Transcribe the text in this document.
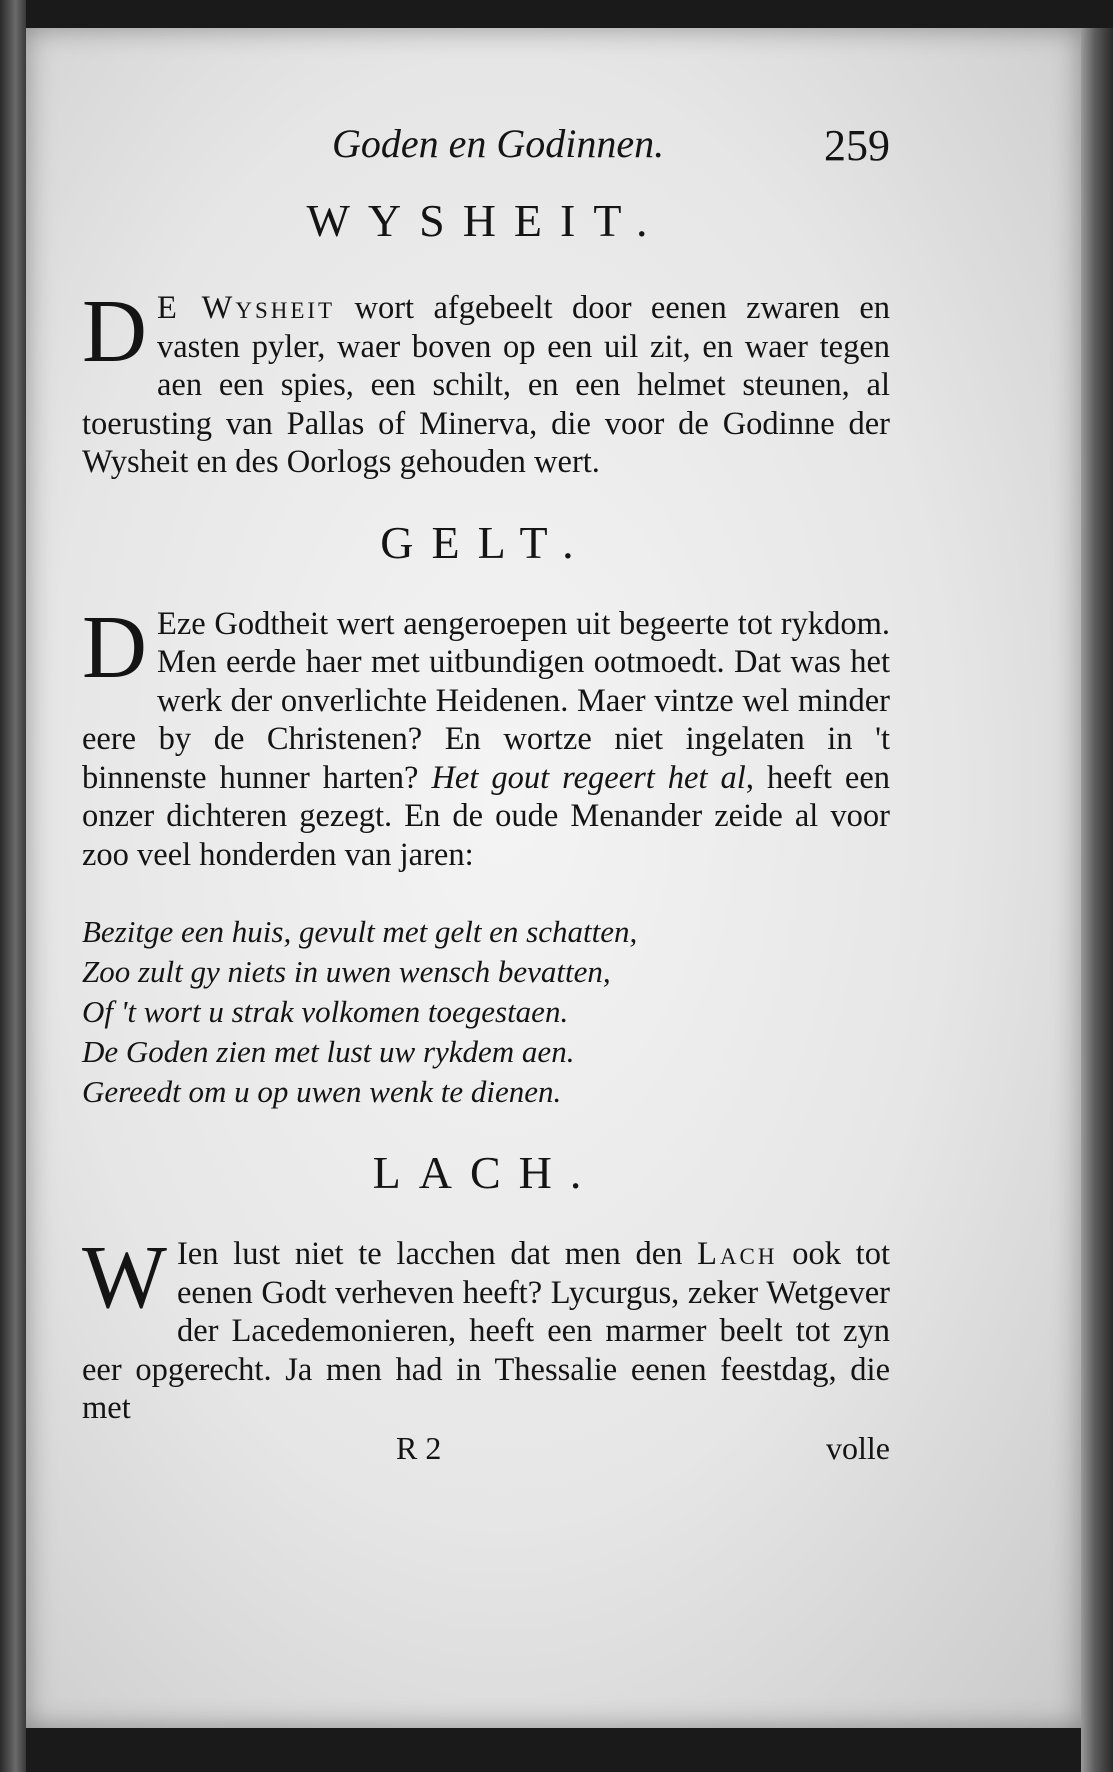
Goden en Godinnen.	259
WYSHEIT.

D E Wysheit wort afgebeelt door eenen zwaren en vasten pyler, waer boven op een uil zit, en waer tegen aen een spies, een schilt, en een helmet steunen, al toerusting van Pallas of Minerva, die voor de Godinne der Wysheit en des Oorlogs gehouden wert.

GELT.

D Eze Godtheit wert aengeroepen uit begeerte tot rykdom. Men eerde haer met uitbundigen ootmoedt. Dat was het werk der onverlichte Heidenen. Maer vintze wel minder eere by de Christenen? En wortze niet ingelaten in 't binnenste hunner harten? Het gout regeert het al, heeft een onzer dichteren gezegt. En de oude Menander zeide al voor zoo veel honderden van jaren:

Bezitge een huis, gevult met gelt en schatten,
Zoo zult gy niets in uwen wensch bevatten,
Of 't wort u strak volkomen toegestaen.
De Goden zien met lust uw rykdem aen.
Gereedt om u op uwen wenk te dienen.
LACH.

W Ien lust niet te lacchen dat men den Lach ook tot eenen Godt verheven heeft? Lycurgus, zeker Wetgever der Lacedemonieren, heeft een marmer beelt tot zyn eer opgerecht. Ja men had in Thessalie eenen feestdag, die met

R 2	volle
